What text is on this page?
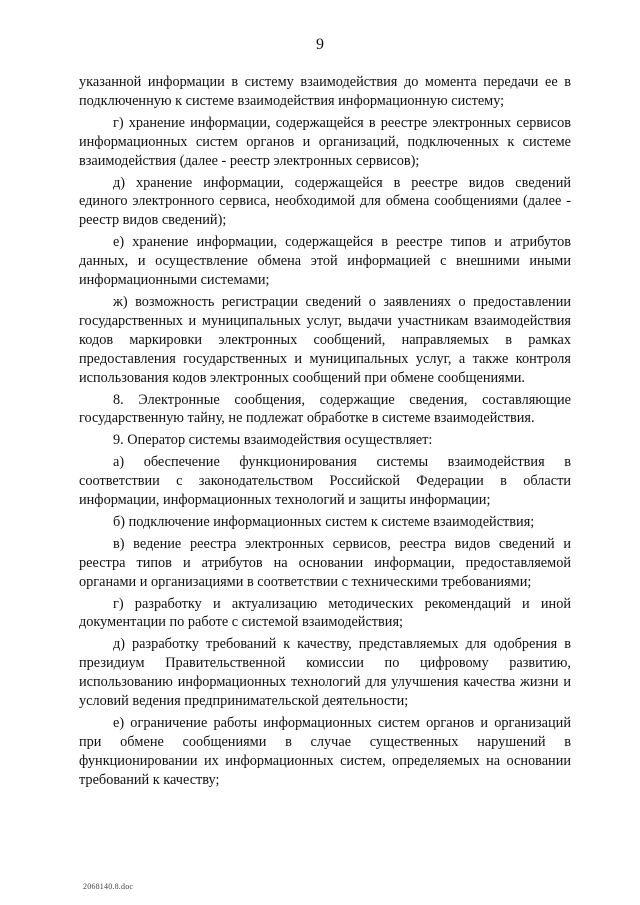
9

указанной информации в систему взаимодействия до момента передачи ее в подключенную к системе взаимодействия информационную систему;

г) хранение информации, содержащейся в реестре электронных сервисов информационных систем органов и организаций, подключенных к системе взаимодействия (далее - реестр электронных сервисов);

д) хранение информации, содержащейся в реестре видов сведений единого электронного сервиса, необходимой для обмена сообщениями (далее - реестр видов сведений);

е) хранение информации, содержащейся в реестре типов и атрибутов данных, и осуществление обмена этой информацией с внешними иными информационными системами;

ж) возможность регистрации сведений о заявлениях о предоставлении государственных и муниципальных услуг, выдачи участникам взаимодействия кодов маркировки электронных сообщений, направляемых в рамках предоставления государственных и муниципальных услуг, а также контроля использования кодов электронных сообщений при обмене сообщениями.

8. Электронные сообщения, содержащие сведения, составляющие государственную тайну, не подлежат обработке в системе взаимодействия.

9. Оператор системы взаимодействия осуществляет:

а) обеспечение функционирования системы взаимодействия в соответствии с законодательством Российской Федерации в области информации, информационных технологий и защиты информации;

б) подключение информационных систем к системе взаимодействия;

в) ведение реестра электронных сервисов, реестра видов сведений и реестра типов и атрибутов на основании информации, предоставляемой органами и организациями в соответствии с техническими требованиями;

г) разработку и актуализацию методических рекомендаций и иной документации по работе с системой взаимодействия;

д) разработку требований к качеству, представляемых для одобрения в президиум Правительственной комиссии по цифровому развитию, использованию информационных технологий для улучшения качества жизни и условий ведения предпринимательской деятельности;

е) ограничение работы информационных систем органов и организаций при обмене сообщениями в случае существенных нарушений в функционировании их информационных систем, определяемых на основании требований к качеству;

2068140.8.doc
